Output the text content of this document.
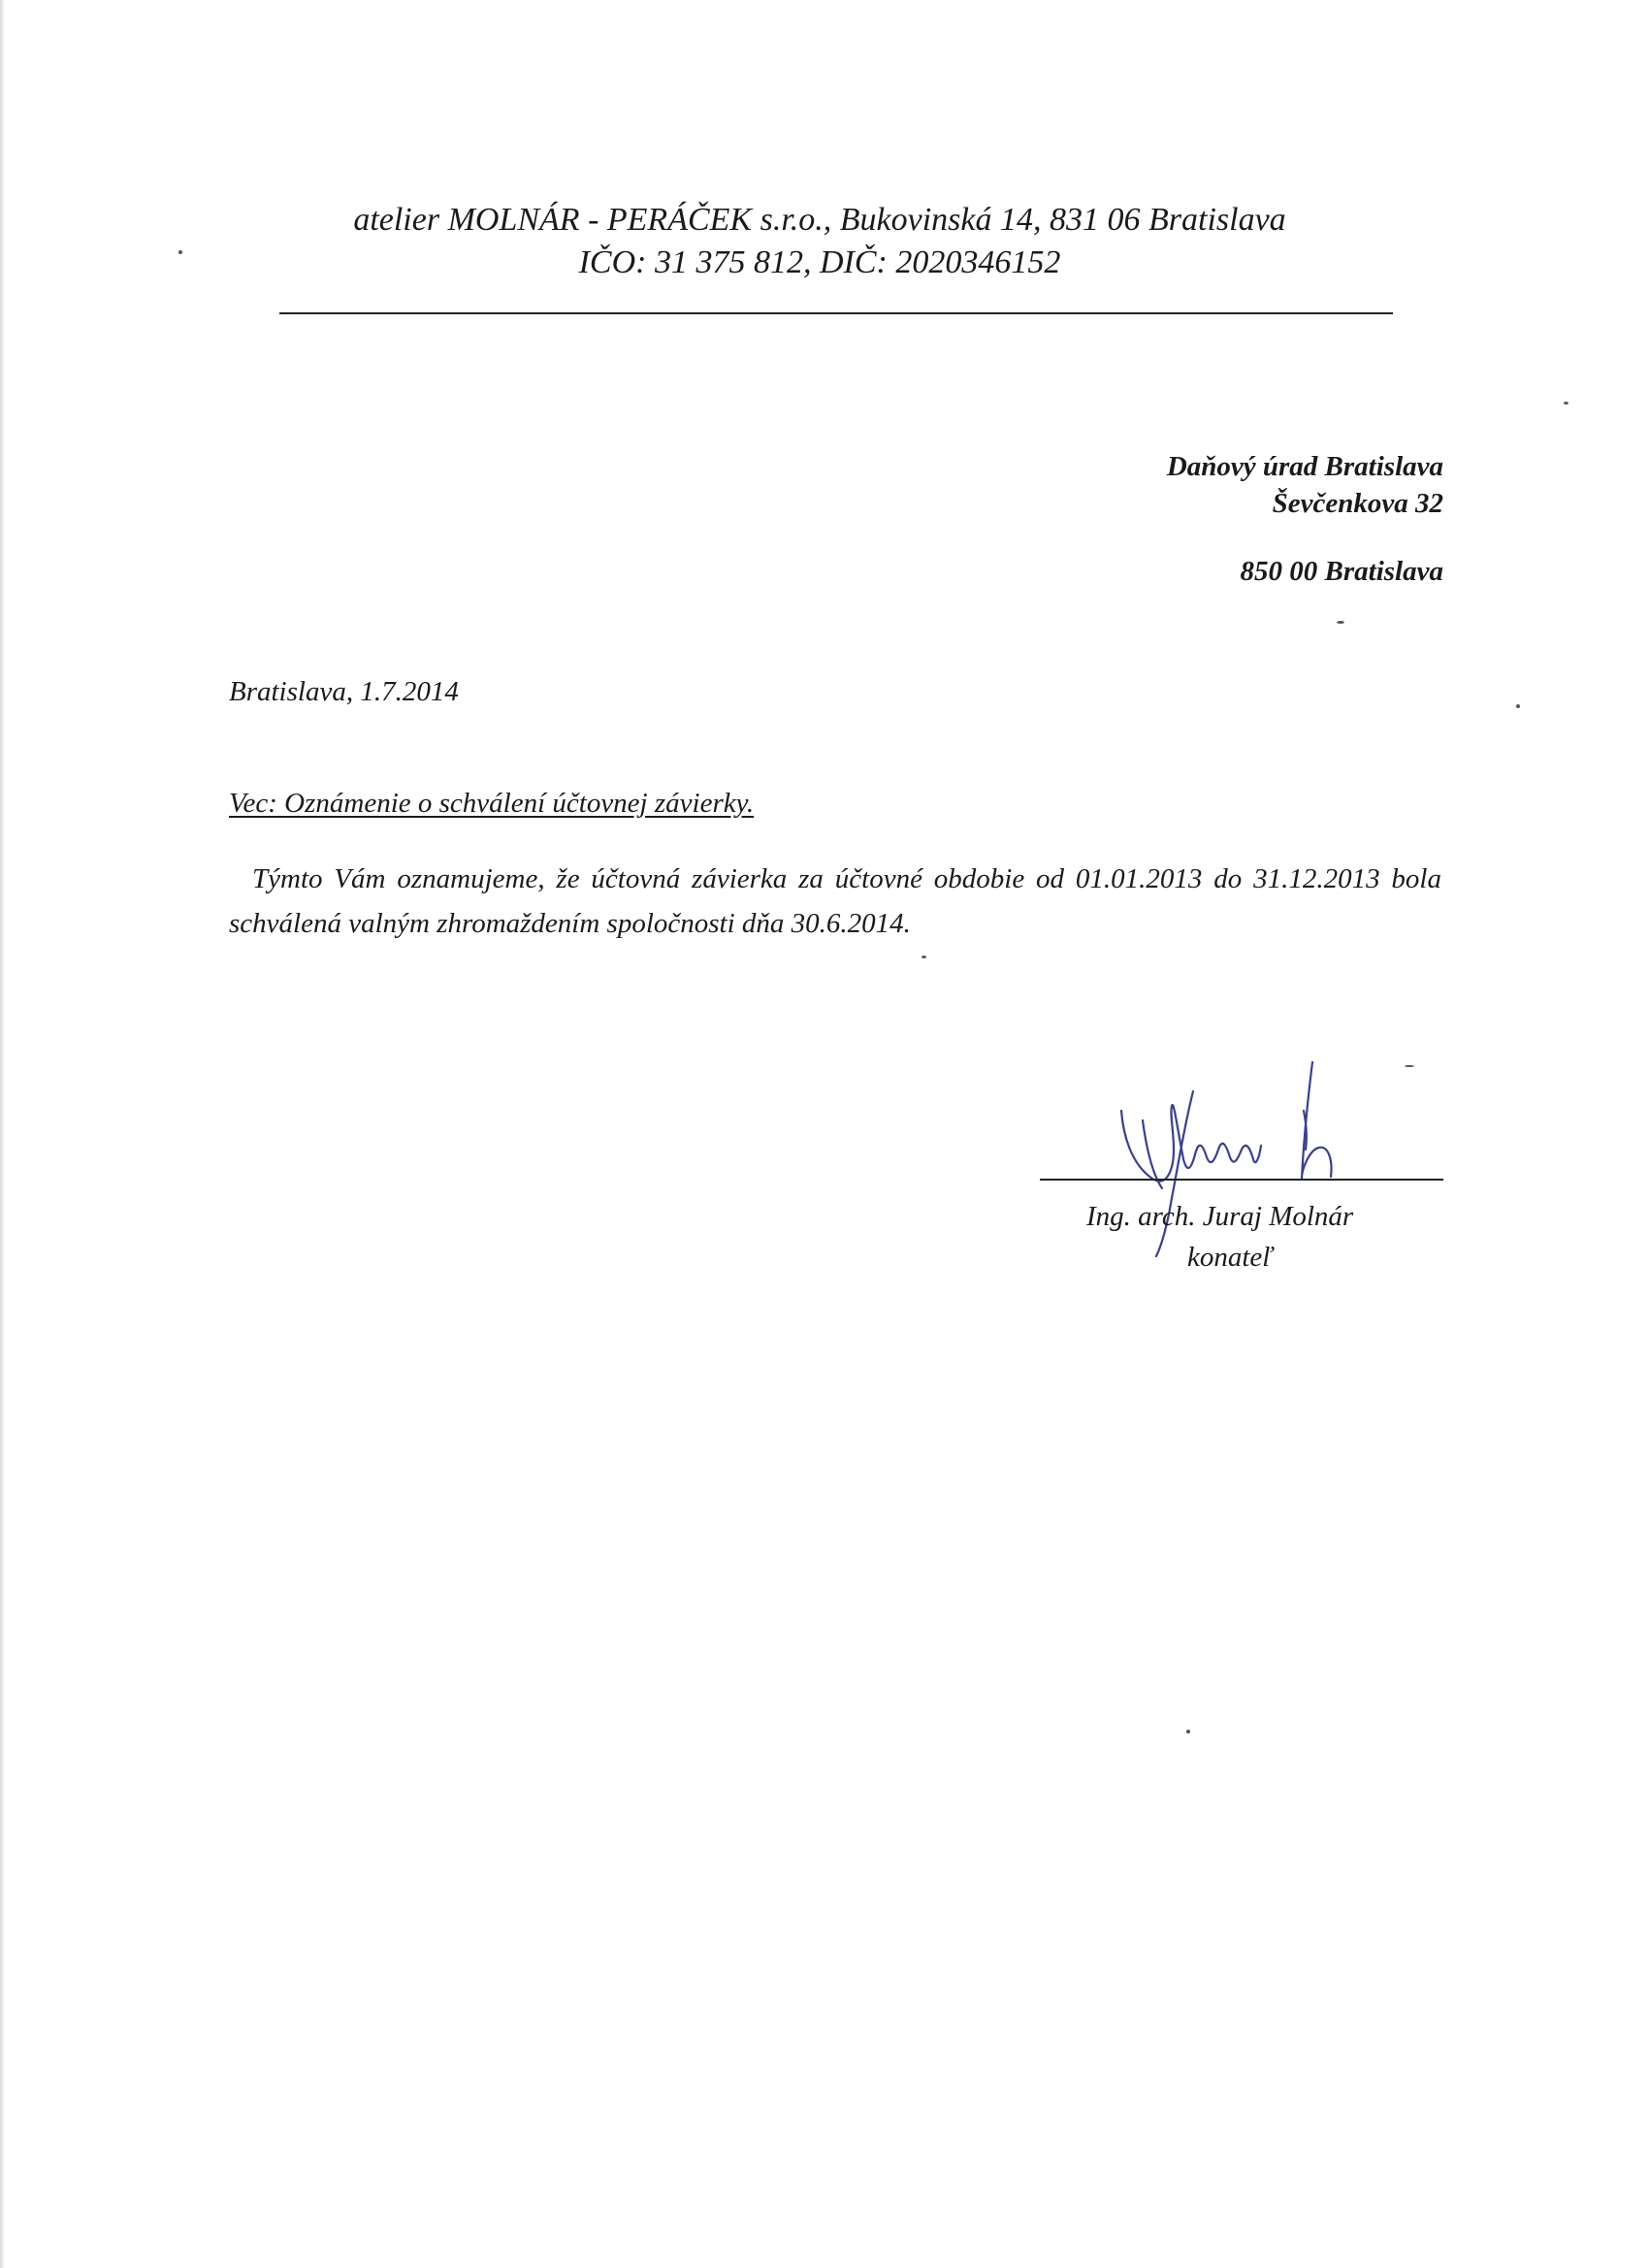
atelier MOLNÁR - PERÁČEK s.r.o., Bukovinská 14, 831 06 Bratislava
IČO: 31 375 812, DIČ: 2020346152
Daňový úrad Bratislava
Ševčenkova 32
850 00 Bratislava
Bratislava, 1.7.2014
Vec: Oznámenie o schválení účtovnej závierky.
Týmto Vám oznamujeme, že účtovná závierka za účtovné obdobie od 01.01.2013 do 31.12.2013 bola schválená valným zhromaždením spoločnosti dňa 30.6.2014.
Ing. arch. Juraj Molnár
konateľ
